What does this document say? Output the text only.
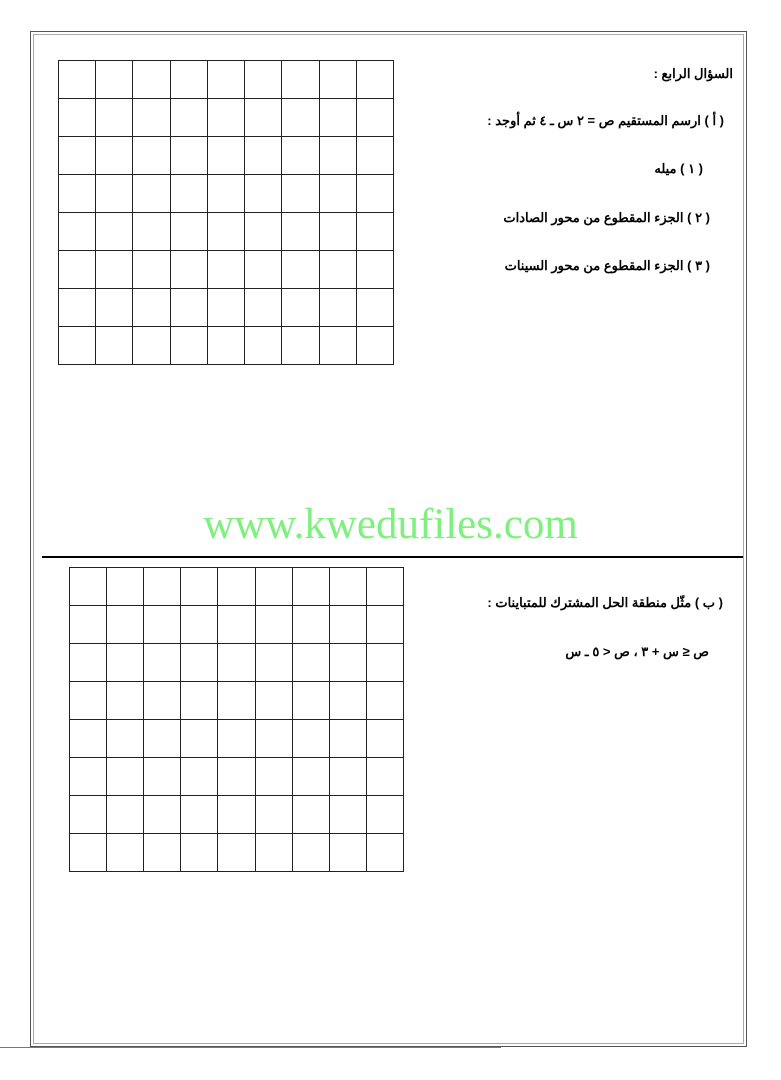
السؤال الرابع :
( أ ) ارسم المستقيم ص = ٢ س ـ ٤ ثم أوجد :
( ١ ) ميله
( ٢ ) الجزء المقطوع من محور الصادات
( ٣ ) الجزء المقطوع من محور السينات
www.kwedufiles.com
( ب ) مثّل منطقة الحل المشترك للمتباينات :
ص ≤ س + ٣ ، ص < ٥ ـ س
